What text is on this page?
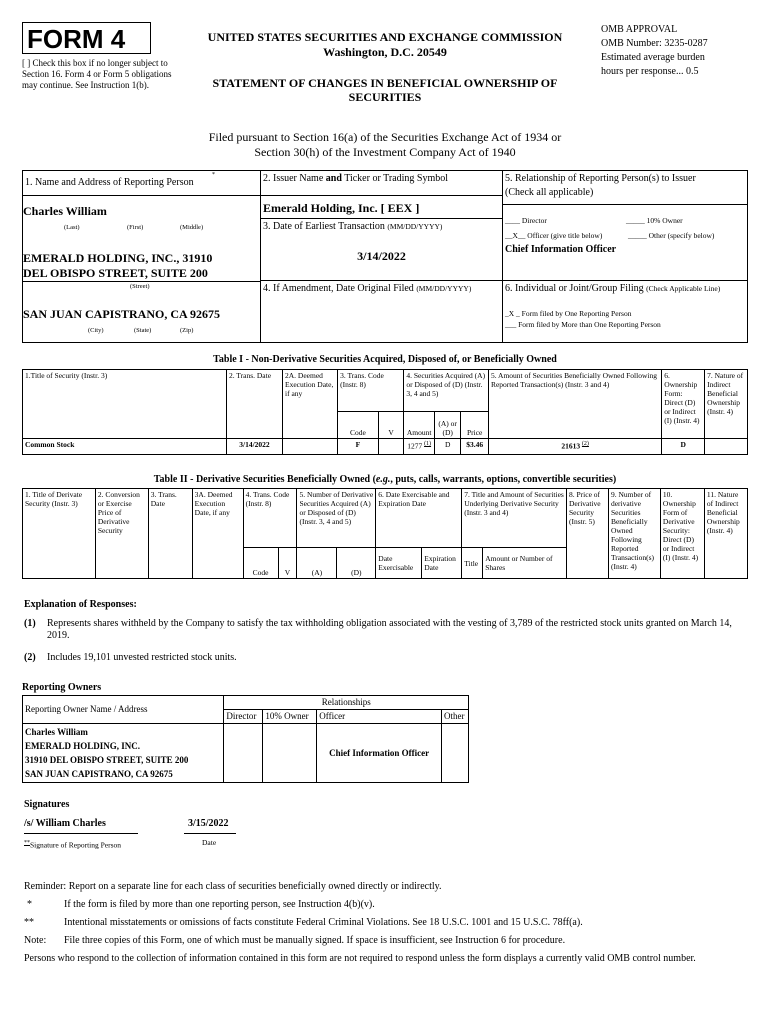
FORM 4
[ ] Check this box if no longer subject to Section 16. Form 4 or Form 5 obligations may continue. See Instruction 1(b).
UNITED STATES SECURITIES AND EXCHANGE COMMISSION
Washington, D.C. 20549
STATEMENT OF CHANGES IN BENEFICIAL OWNERSHIP OF SECURITIES
OMB APPROVAL
OMB Number: 3235-0287
Estimated average burden
hours per response... 0.5
Filed pursuant to Section 16(a) of the Securities Exchange Act of 1934 or
Section 30(h) of the Investment Company Act of 1940
1. Name and Address of Reporting Person
*
Charles William
(Last)	(First)	(Middle)
EMERALD HOLDING, INC., 31910
DEL OBISPO STREET, SUITE 200
(Street)
SAN JUAN CAPISTRANO, CA 92675
(City)	(State)	(Zip)
2. Issuer Name and Ticker or Trading Symbol
Emerald Holding, Inc. [ EEX ]
3. Date of Earliest Transaction (MM/DD/YYYY)
3/14/2022
4. If Amendment, Date Original Filed (MM/DD/YYYY)
5. Relationship of Reporting Person(s) to Issuer
(Check all applicable)
____ Director	_____ 10% Owner
__X__ Officer (give title below)	_____ Other (specify below)
Chief Information Officer
6. Individual or Joint/Group Filing (Check Applicable Line)
_X _ Form filed by One Reporting Person
___ Form filed by More than One Reporting Person
Table I - Non-Derivative Securities Acquired, Disposed of, or Beneficially Owned
1.Title of Security (Instr. 3)	2. Trans. Date	2A. Deemed Execution Date, if any	3. Trans. Code (Instr. 8)		4. Securities Acquired (A) or Disposed of (D) (Instr. 3, 4 and 5)			5. Amount of Securities Beneficially Owned Following Reported Transaction(s) (Instr. 3 and 4)	6. Ownership Form: Direct (D) or Indirect (I) (Instr. 4)	7. Nature of Indirect Beneficial Ownership (Instr. 4)
			Code	V	Amount	(A) or (D)	Price			
Common Stock	3/14/2022		F		1277 $^{(1)}$	D	$3.46	21613 $^{(2)}$	D	
Table II - Derivative Securities Beneficially Owned (e.g., puts, calls, warrants, options, convertible securities)
1. Title of Derivate Security (Instr. 3)	2. Conversion or Exercise Price of Derivative Security	3. Trans. Date	3A. Deemed Execution Date, if any	4. Trans. Code (Instr. 8)		5. Number of Derivative Securities Acquired (A) or Disposed of (D) (Instr. 3, 4 and 5)		6. Date Exercisable and Expiration Date		7. Title and Amount of Securities Underlying Derivative Security (Instr. 3 and 4)		8. Price of Derivative Security (Instr. 5)	9. Number of derivative Securities Beneficially Owned Following Reported Transaction(s) (Instr. 4)	10. Ownership Form of Derivative Security: Direct (D) or Indirect (I) (Instr. 4)	11. Nature of Indirect Beneficial Ownership (Instr. 4)
				Code	V	(A)	(D)	Date Exercisable	Expiration Date	Title	Amount or Number of Shares				
Explanation of Responses:
(1) Represents shares withheld by the Company to satisfy the tax withholding obligation associated with the vesting of 3,789 of the restricted stock units granted on March 14, 2019.
(2) Includes 19,101 unvested restricted stock units.
Reporting Owners
Reporting Owner Name / Address	Relationships			
	Director	10% Owner	Officer	Other

Charles William
EMERALD HOLDING, INC.
31910 DEL OBISPO STREET, SUITE 200
SAN JUAN CAPISTRANO, CA 92675			Chief Information Officer	
Signatures
/s/ William Charles	3/15/2022
**Signature of Reporting Person	Date
Reminder: Report on a separate line for each class of securities beneficially owned directly or indirectly.
*	If the form is filed by more than one reporting person, see Instruction 4(b)(v).
**	Intentional misstatements or omissions of facts constitute Federal Criminal Violations. See 18 U.S.C. 1001 and 15 U.S.C. 78ff(a).
Note: File three copies of this Form, one of which must be manually signed. If space is insufficient, see Instruction 6 for procedure.
Persons who respond to the collection of information contained in this form are not required to respond unless the form displays a currently valid OMB control number.
